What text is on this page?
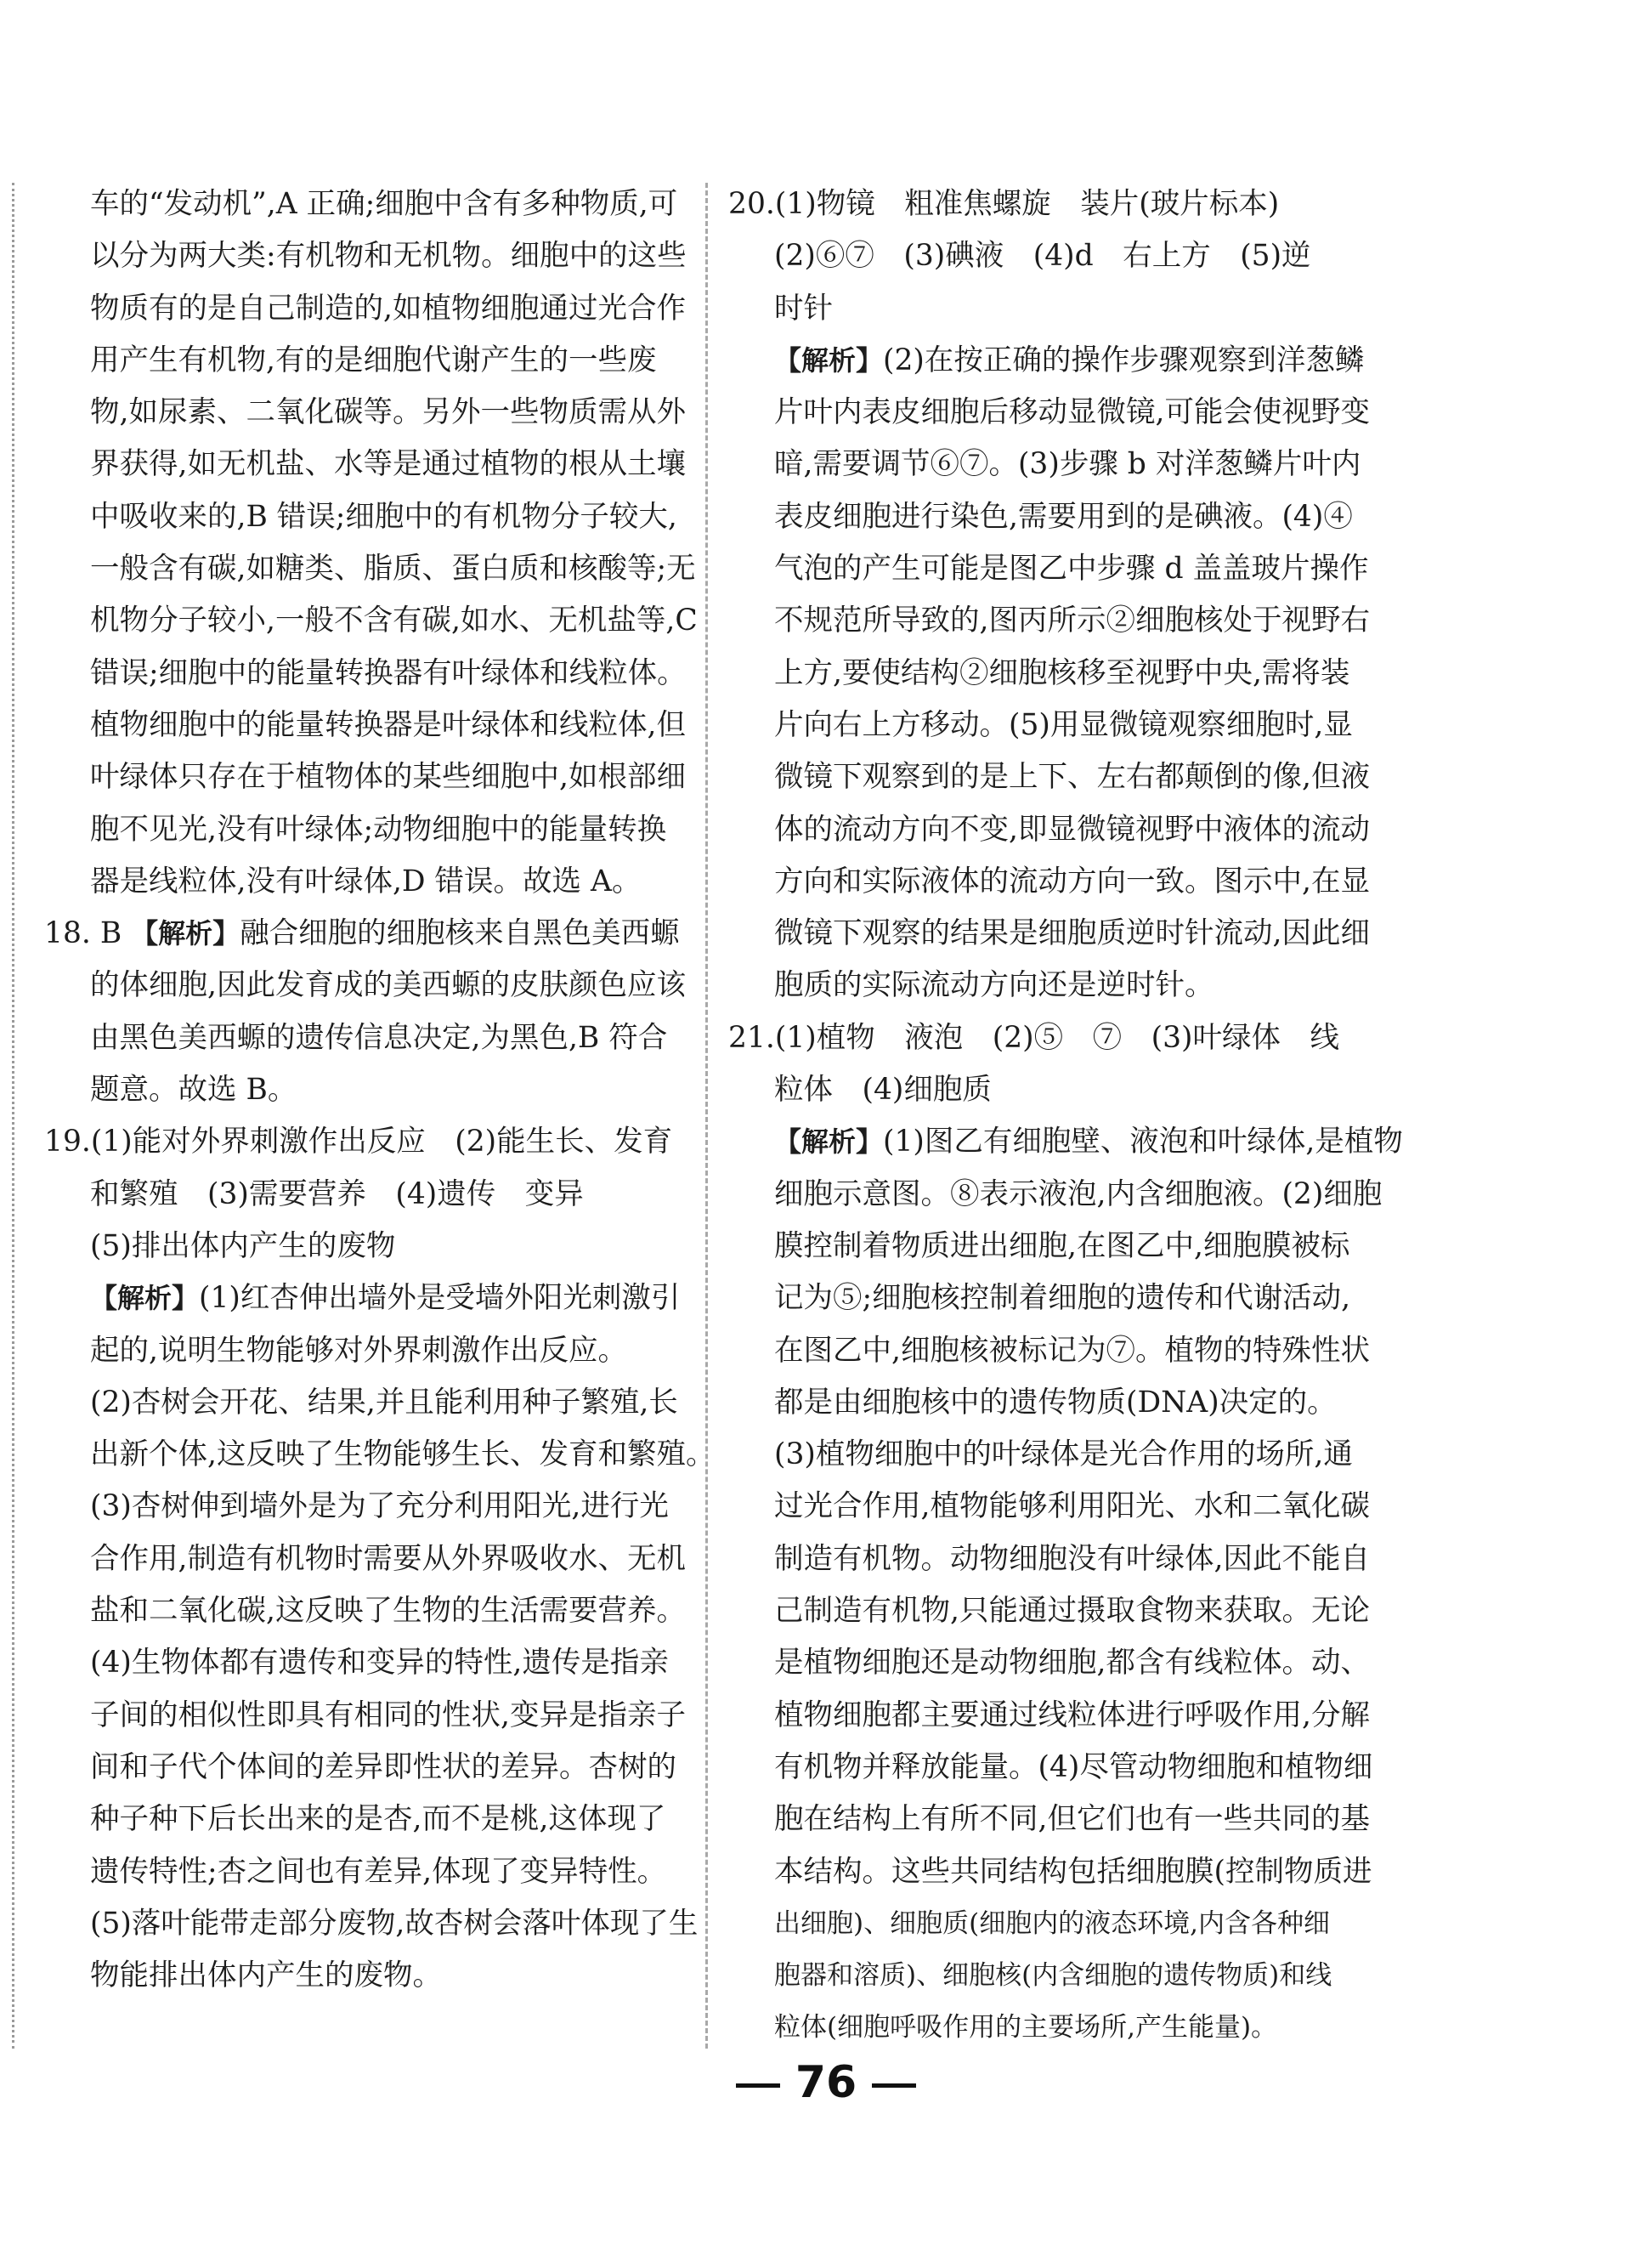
车的“发动机”,A 正确;细胞中含有多种物质,可
以分为两大类:有机物和无机物。细胞中的这些
物质有的是自己制造的,如植物细胞通过光合作
用产生有机物,有的是细胞代谢产生的一些废
物,如尿素、二氧化碳等。另外一些物质需从外
界获得,如无机盐、水等是通过植物的根从土壤
中吸收来的,B 错误;细胞中的有机物分子较大,
一般含有碳,如糖类、脂质、蛋白质和核酸等;无
机物分子较小,一般不含有碳,如水、无机盐等,C
错误;细胞中的能量转换器有叶绿体和线粒体。
植物细胞中的能量转换器是叶绿体和线粒体,但
叶绿体只存在于植物体的某些细胞中,如根部细
胞不见光,没有叶绿体;动物细胞中的能量转换
器是线粒体,没有叶绿体,D 错误。故选 A。
18. B 【解析】融合细胞的细胞核来自黑色美西螈
的体细胞,因此发育成的美西螈的皮肤颜色应该
由黑色美西螈的遗传信息决定,为黑色,B 符合
题意。故选 B。
19.(1)能对外界刺激作出反应　(2)能生长、发育
和繁殖　(3)需要营养　(4)遗传　变异
(5)排出体内产生的废物
【解析】(1)红杏伸出墙外是受墙外阳光刺激引
起的,说明生物能够对外界刺激作出反应。
(2)杏树会开花、结果,并且能利用种子繁殖,长
出新个体,这反映了生物能够生长、发育和繁殖。
(3)杏树伸到墙外是为了充分利用阳光,进行光
合作用,制造有机物时需要从外界吸收水、无机
盐和二氧化碳,这反映了生物的生活需要营养。
(4)生物体都有遗传和变异的特性,遗传是指亲
子间的相似性即具有相同的性状,变异是指亲子
间和子代个体间的差异即性状的差异。杏树的
种子种下后长出来的是杏,而不是桃,这体现了
遗传特性;杏之间也有差异,体现了变异特性。
(5)落叶能带走部分废物,故杏树会落叶体现了生
物能排出体内产生的废物。
20.(1)物镜　粗准焦螺旋　装片(玻片标本)
(2)⑥⑦　(3)碘液　(4)d　右上方　(5)逆
时针
【解析】(2)在按正确的操作步骤观察到洋葱鳞
片叶内表皮细胞后移动显微镜,可能会使视野变
暗,需要调节⑥⑦。(3)步骤 b 对洋葱鳞片叶内
表皮细胞进行染色,需要用到的是碘液。(4)④
气泡的产生可能是图乙中步骤 d 盖盖玻片操作
不规范所导致的,图丙所示②细胞核处于视野右
上方,要使结构②细胞核移至视野中央,需将装
片向右上方移动。(5)用显微镜观察细胞时,显
微镜下观察到的是上下、左右都颠倒的像,但液
体的流动方向不变,即显微镜视野中液体的流动
方向和实际液体的流动方向一致。图示中,在显
微镜下观察的结果是细胞质逆时针流动,因此细
胞质的实际流动方向还是逆时针。
21.(1)植物　液泡　(2)⑤　⑦　(3)叶绿体　线
粒体　(4)细胞质
【解析】(1)图乙有细胞壁、液泡和叶绿体,是植物
细胞示意图。⑧表示液泡,内含细胞液。(2)细胞
膜控制着物质进出细胞,在图乙中,细胞膜被标
记为⑤;细胞核控制着细胞的遗传和代谢活动,
在图乙中,细胞核被标记为⑦。植物的特殊性状
都是由细胞核中的遗传物质(DNA)决定的。
(3)植物细胞中的叶绿体是光合作用的场所,通
过光合作用,植物能够利用阳光、水和二氧化碳
制造有机物。动物细胞没有叶绿体,因此不能自
己制造有机物,只能通过摄取食物来获取。无论
是植物细胞还是动物细胞,都含有线粒体。动、
植物细胞都主要通过线粒体进行呼吸作用,分解
有机物并释放能量。(4)尽管动物细胞和植物细
胞在结构上有所不同,但它们也有一些共同的基
本结构。这些共同结构包括细胞膜(控制物质进
出细胞)、细胞质(细胞内的液态环境,内含各种细
胞器和溶质)、细胞核(内含细胞的遗传物质)和线
粒体(细胞呼吸作用的主要场所,产生能量)。
76
